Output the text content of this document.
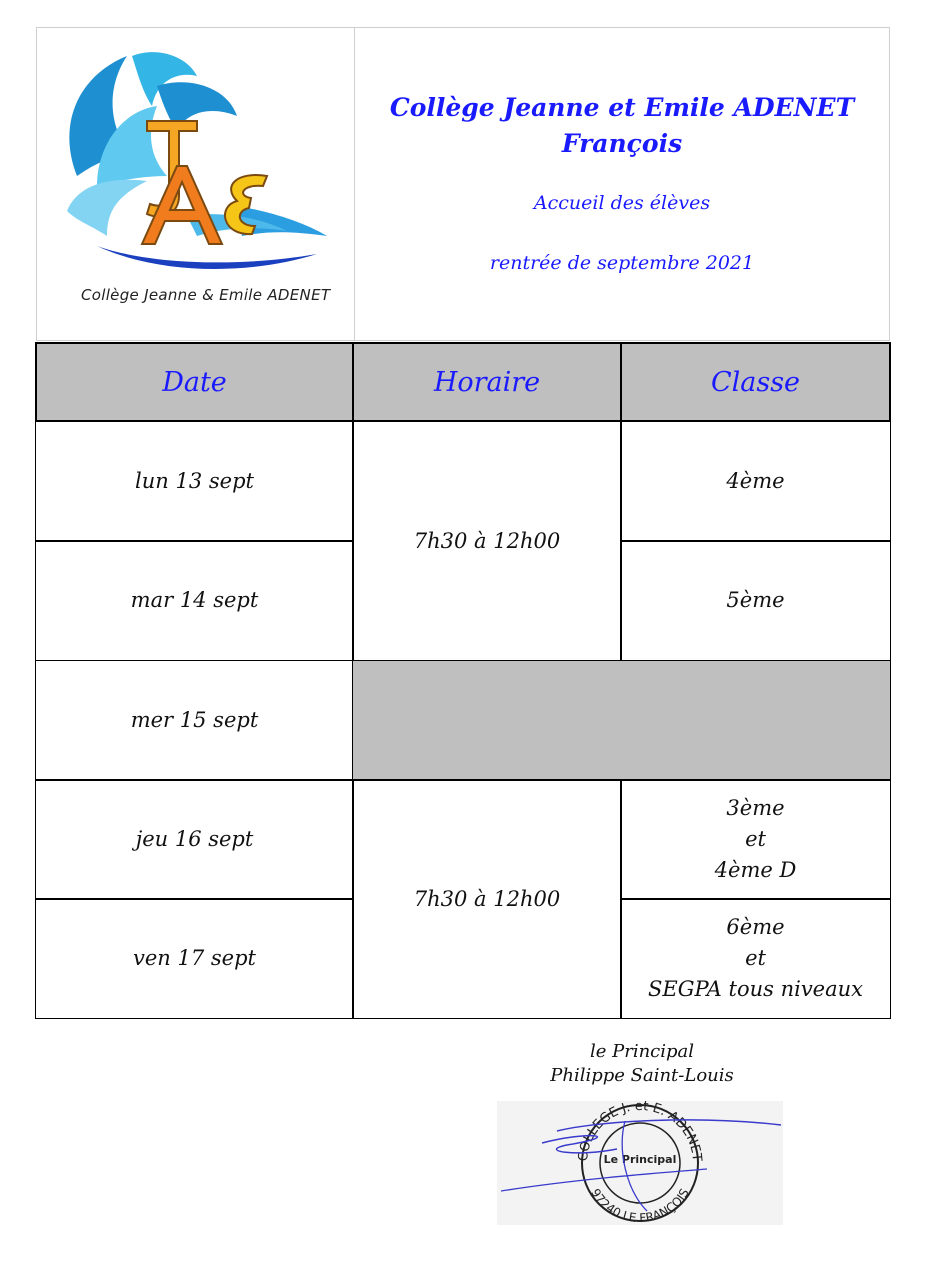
Collège Jeanne & Emile ADENET
Collège Jeanne et Emile ADENET
François
Accueil des élèves
rentrée de septembre 2021
Date	Horaire	Classe
lun 13 sept
mar 14 sept
mer 15 sept
jeu 16 sept
ven 17 sept
7h30 à 12h00
7h30 à 12h00
4ème
5ème
3ème
et
4ème D
6ème
et
SEGPA tous niveaux
le Principal
Philippe Saint-Louis
COLLEGE J. et E. ADENET
97240 LE FRANÇOIS
Le Principal
